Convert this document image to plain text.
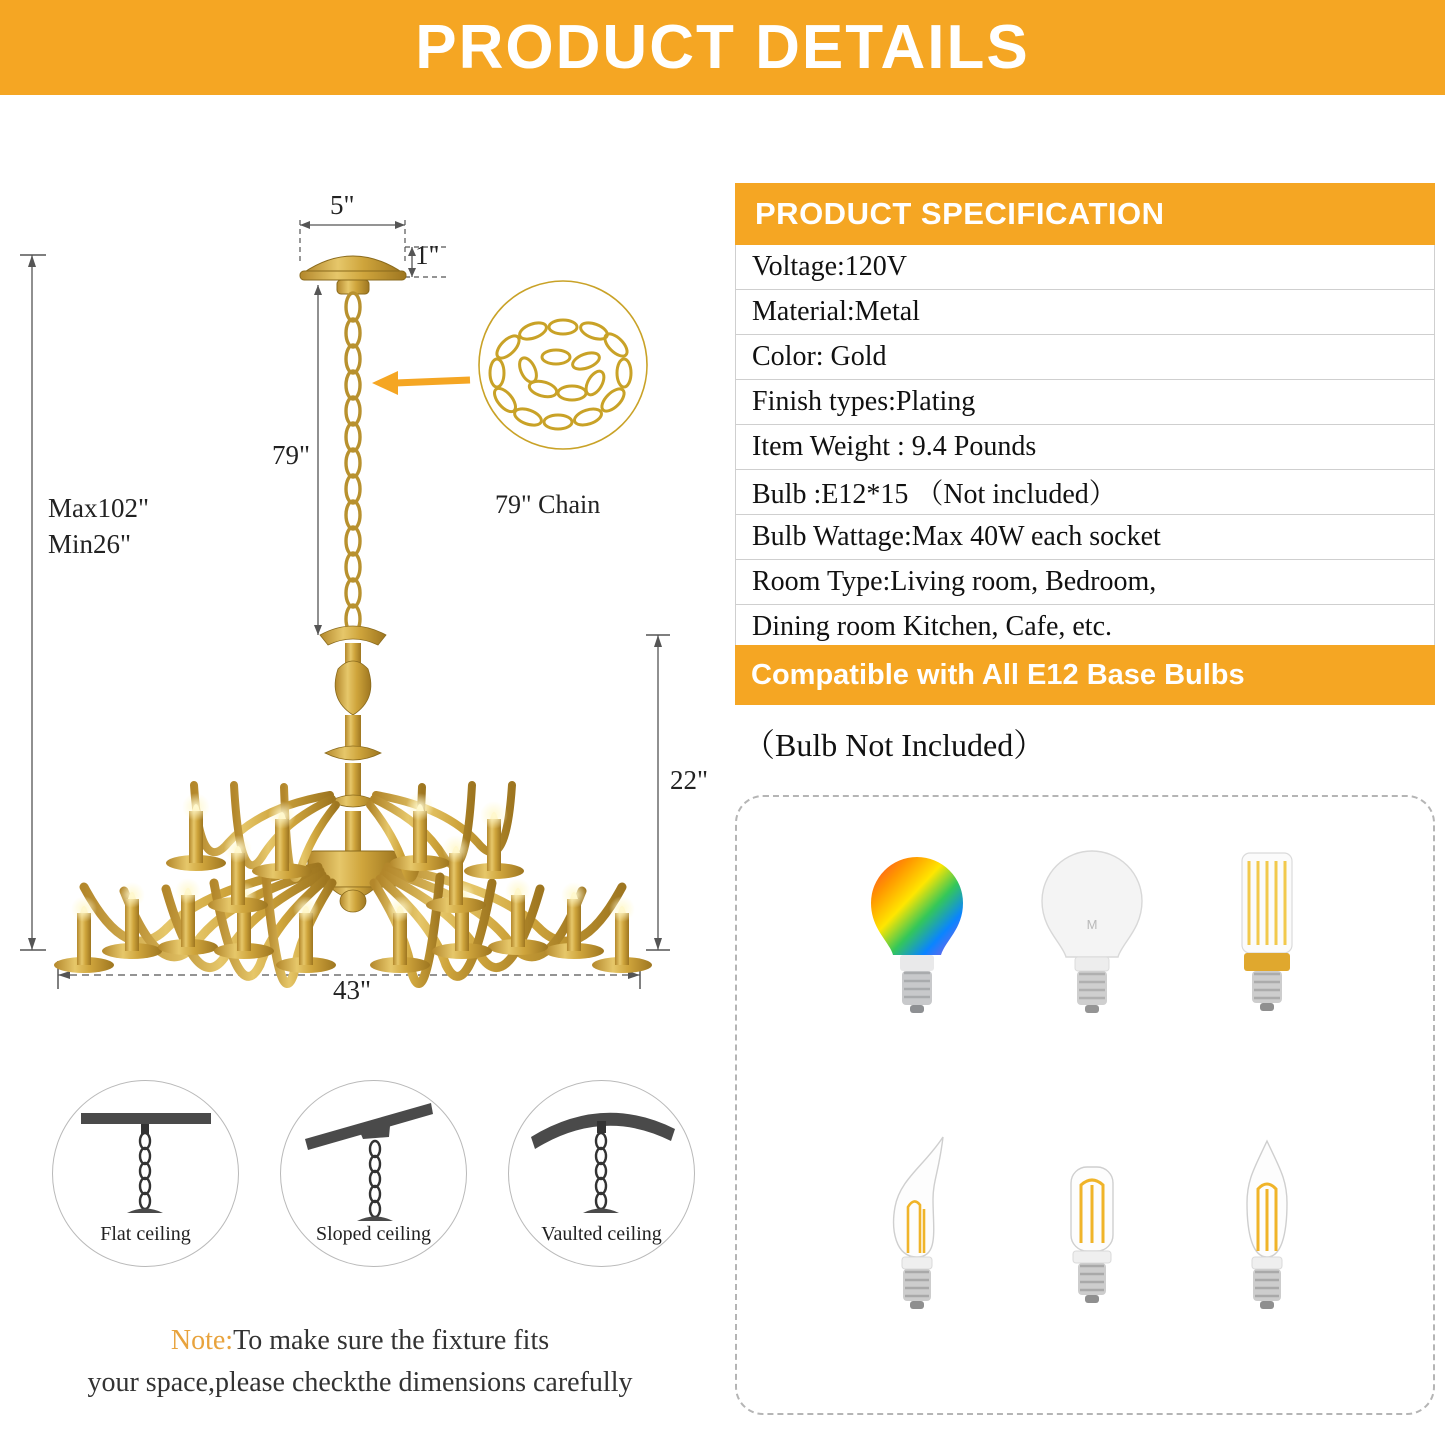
PRODUCT DETAILS
5"
1"
79"
79" Chain
Max102"
Min26"
22"
43"
Flat ceiling	Sloped ceiling	Vaulted ceiling
Note:To make sure the fixture fits
your space,please checkthe dimensions carefully
PRODUCT SPECIFICATION
Voltage:120V
Material:Metal
Color: Gold
Finish types:Plating
Item Weight : 9.4 Pounds
Bulb :E12*15 （Not included）
Bulb Wattage:Max 40W each socket
Room Type:Living room, Bedroom,
Dining room Kitchen, Cafe, etc.
Compatible with All E12 Base Bulbs
（Bulb Not Included）
M
